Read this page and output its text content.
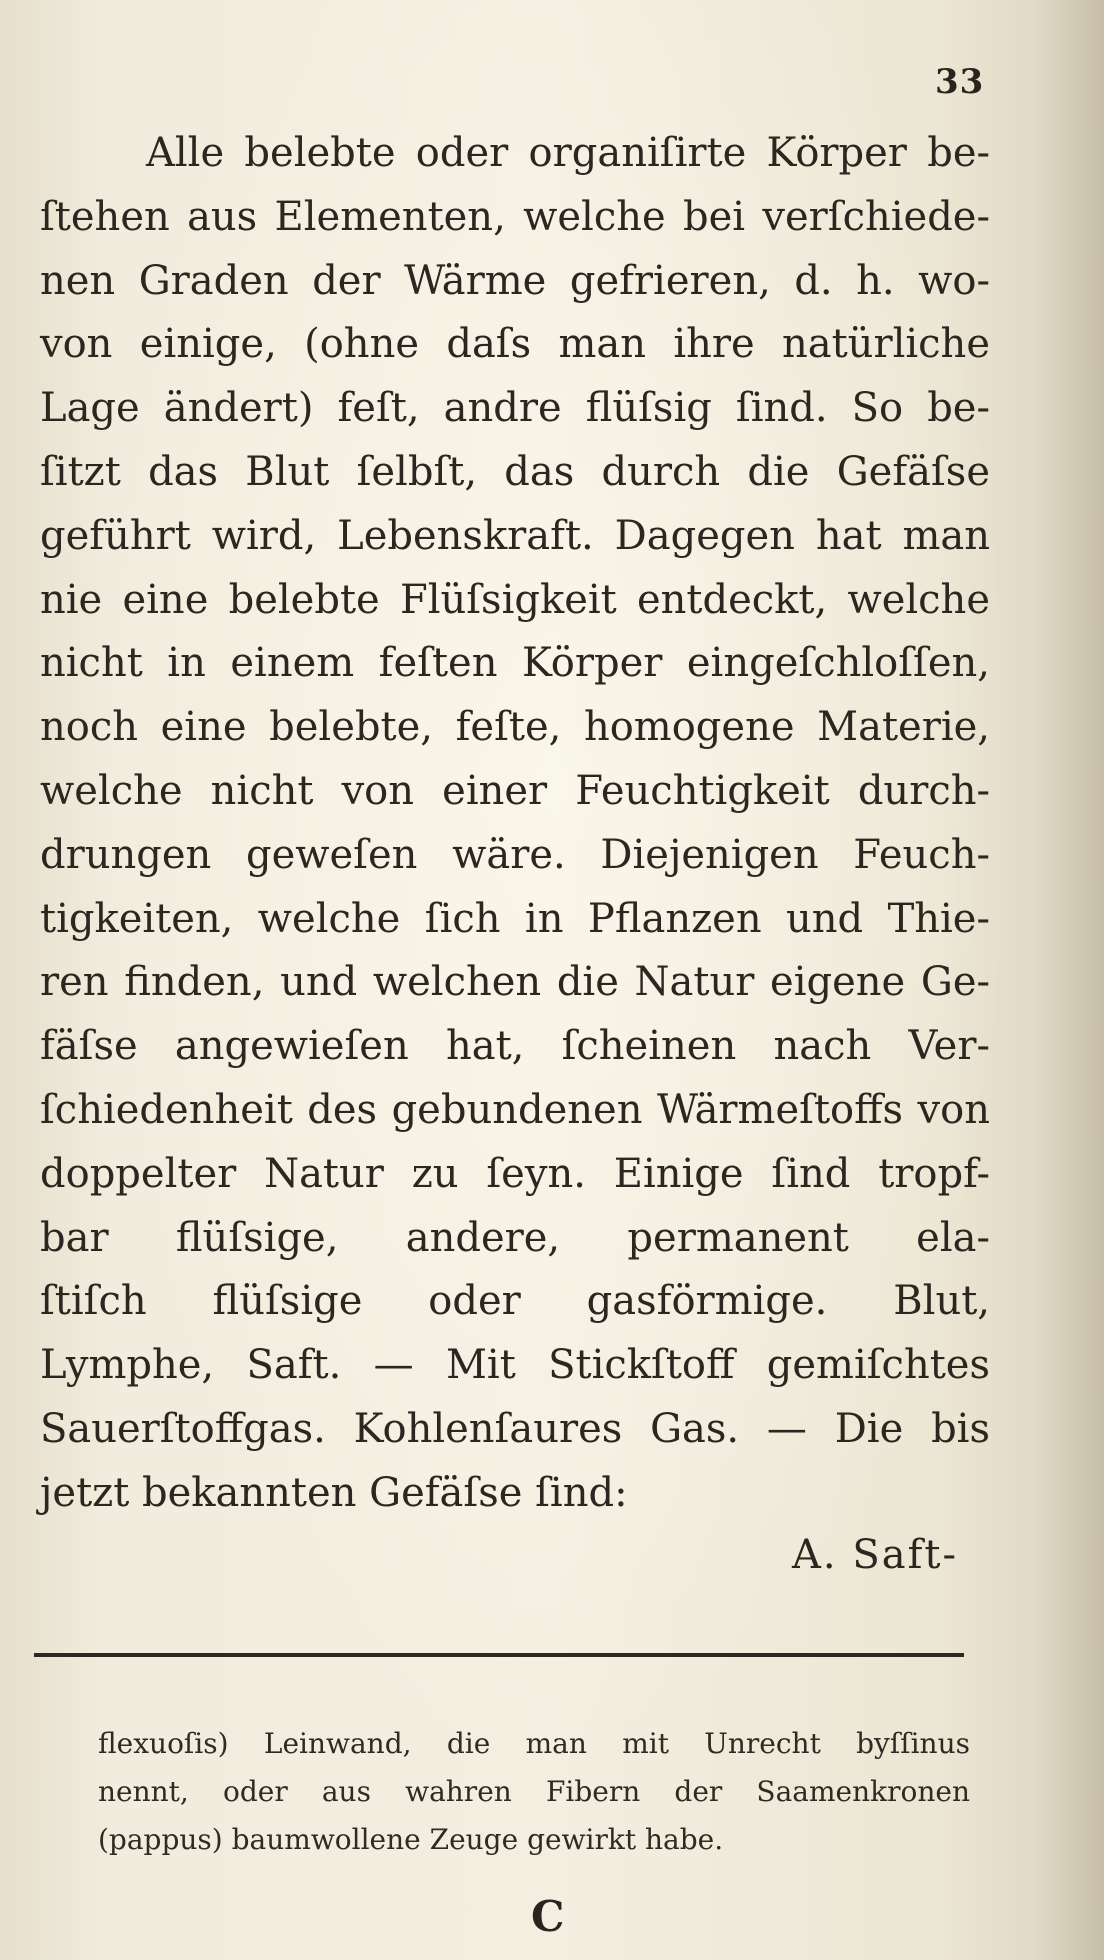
33
Alle belebte oder organiſirte Körper be-
ſtehen aus Elementen, welche bei verſchiede-
nen Graden der Wärme gefrieren, d. h. wo-
von einige, (ohne daſs man ihre natürliche
Lage ändert) feſt, andre flüſsig ſind. So be-
ſitzt das Blut ſelbſt, das durch die Gefäſse
geführt wird, Lebenskraft. Dagegen hat man
nie eine belebte Flüſsigkeit entdeckt, welche
nicht in einem feſten Körper eingeſchloſſen,
noch eine belebte, feſte, homogene Materie,
welche nicht von einer Feuchtigkeit durch-
drungen geweſen wäre. Diejenigen Feuch-
tigkeiten, welche ſich in Pflanzen und Thie-
ren finden, und welchen die Natur eigene Ge-
fäſse angewieſen hat, ſcheinen nach Ver-
ſchiedenheit des gebundenen Wärmeſtoffs von
doppelter Natur zu ſeyn. Einige ſind tropf-
bar flüſsige, andere, permanent ela-
ſtiſch flüſsige oder gasförmige. Blut,
Lymphe, Saft. — Mit Stickſtoff gemiſchtes
Sauerſtoffgas. Kohlenſaures Gas. — Die bis
jetzt bekannten Gefäſse ſind:
A. Saft-
flexuoſis) Leinwand, die man mit Unrecht byſſinus
nennt, oder aus wahren Fibern der Saamenkronen
(pappus) baumwollene Zeuge gewirkt habe.
C
